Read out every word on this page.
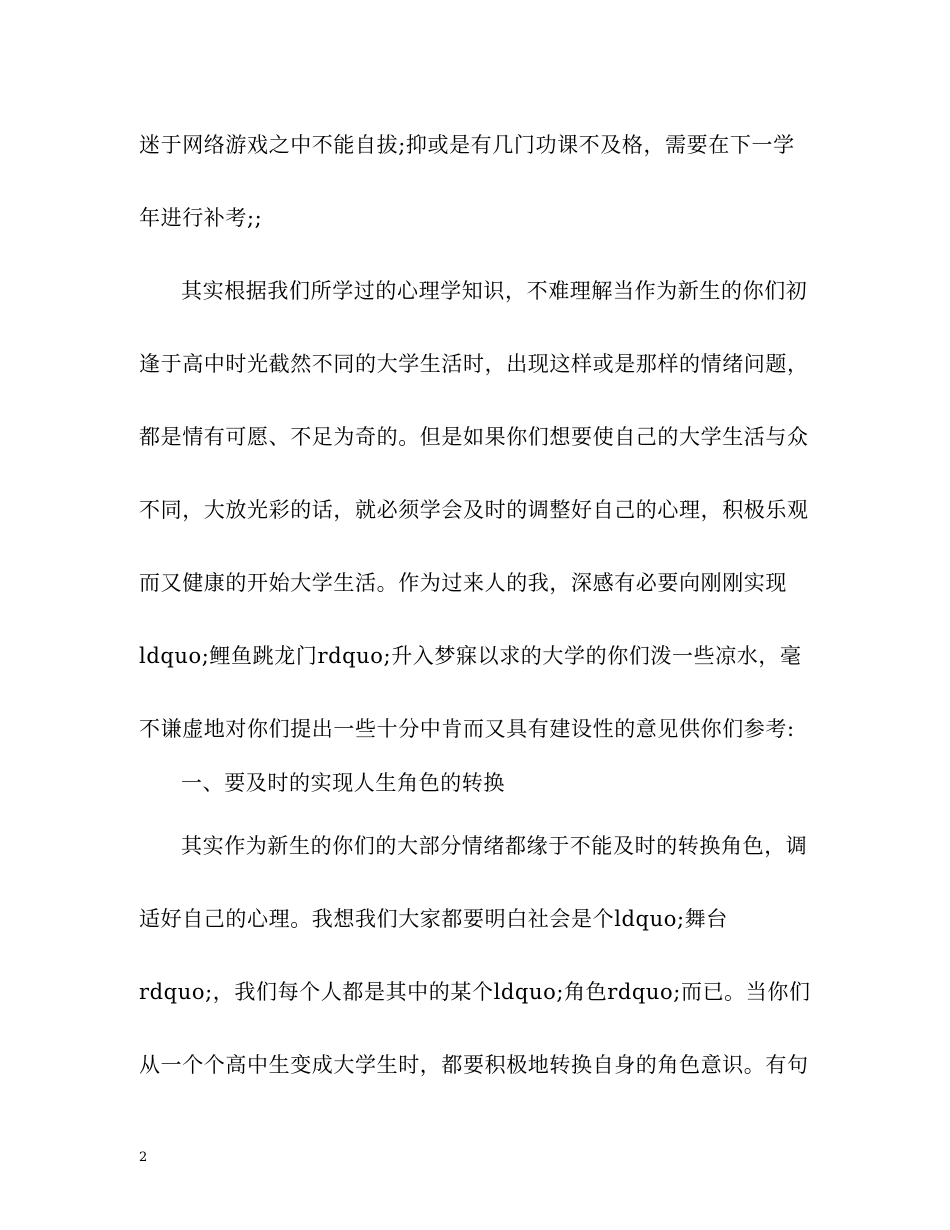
迷于网络游戏之中不能自拔;抑或是有几门功课不及格，需要在下一学
年进行补考;;
其实根据我们所学过的心理学知识，不难理解当作为新生的你们初
逢于高中时光截然不同的大学生活时，出现这样或是那样的情绪问题，
都是情有可愿、不足为奇的。但是如果你们想要使自己的大学生活与众
不同，大放光彩的话，就必须学会及时的调整好自己的心理，积极乐观
而又健康的开始大学生活。作为过来人的我，深感有必要向刚刚实现
ldquo;鲤鱼跳龙门rdquo;升入梦寐以求的大学的你们泼一些凉水，毫
不谦虚地对你们提出一些十分中肯而又具有建设性的意见供你们参考:
一、要及时的实现人生角色的转换
其实作为新生的你们的大部分情绪都缘于不能及时的转换角色，调
适好自己的心理。我想我们大家都要明白社会是个ldquo;舞台
rdquo;，我们每个人都是其中的某个ldquo;角色rdquo;而已。当你们
从一个个高中生变成大学生时，都要积极地转换自身的角色意识。有句
2
